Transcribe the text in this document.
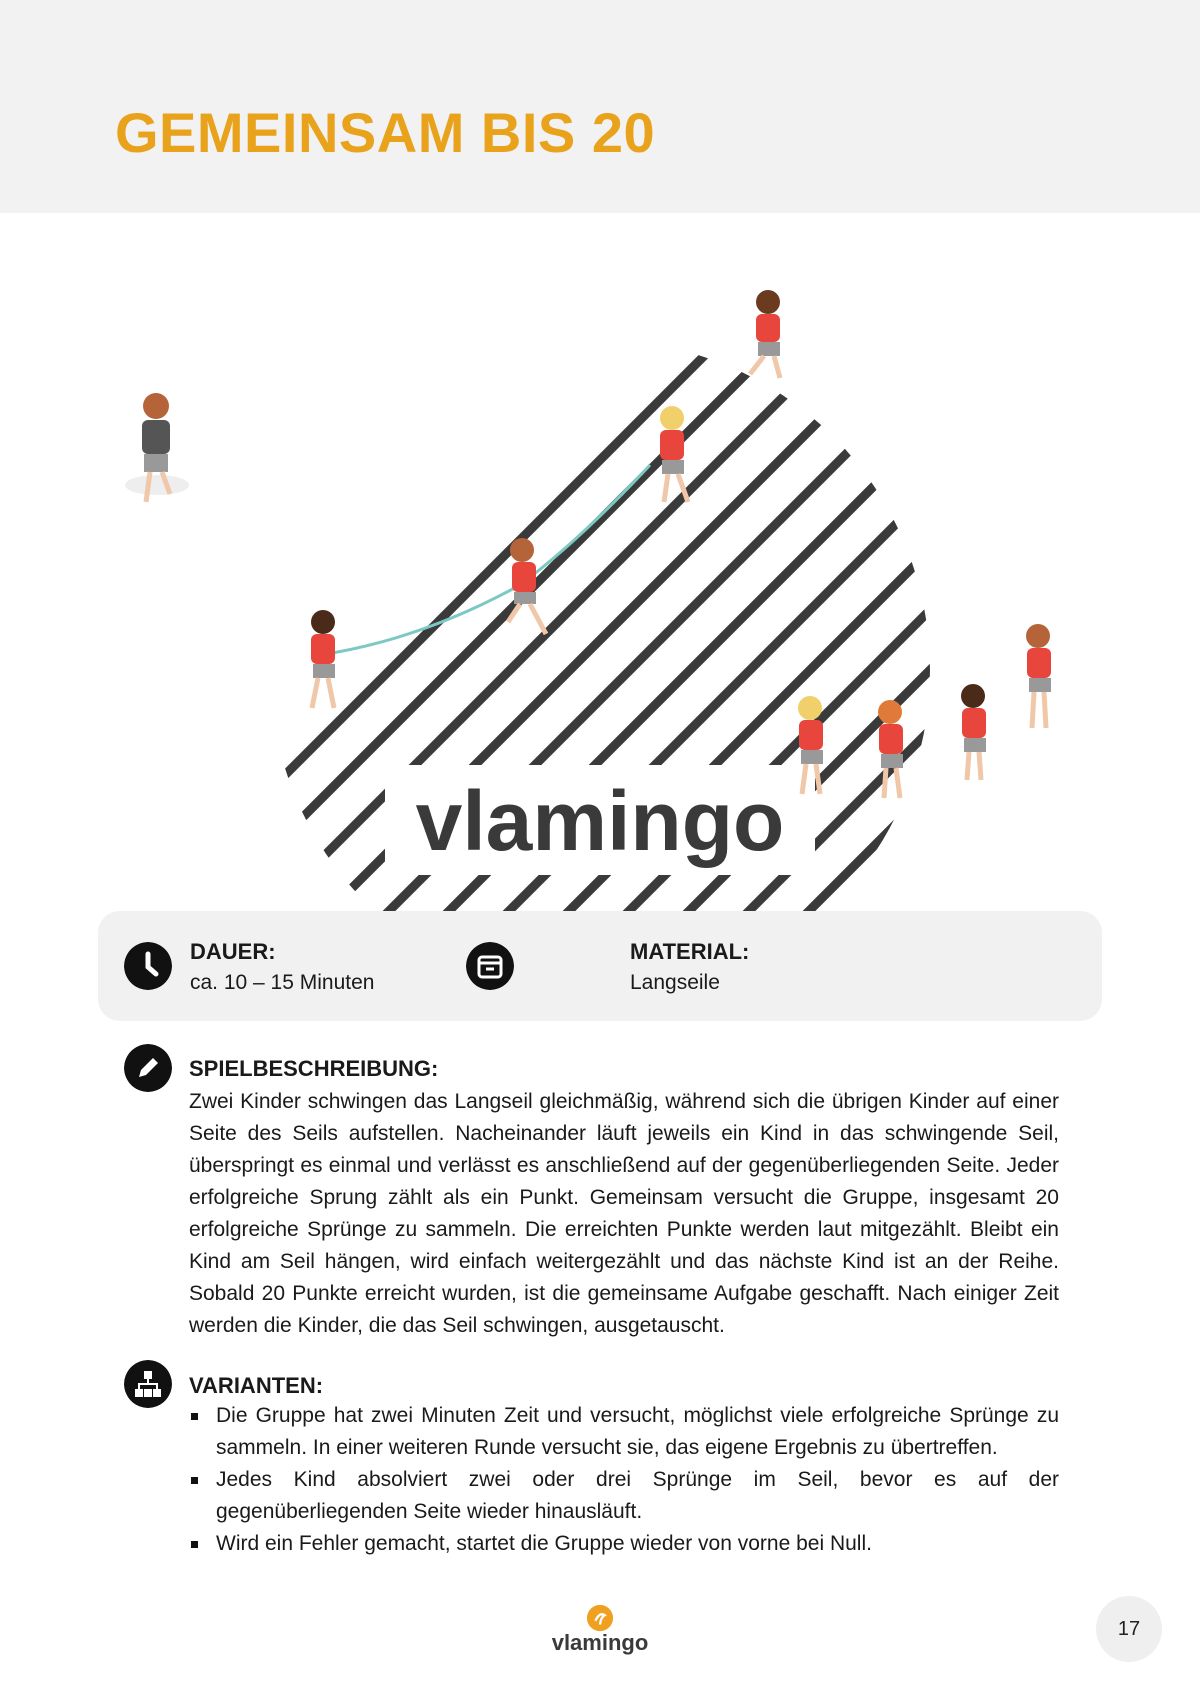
GEMEINSAM BIS 20
vlamingo
DAUER:
ca. 10 – 15 Minuten
MATERIAL:
Langseile
SPIELBESCHREIBUNG:

Zwei Kinder schwingen das Langseil gleichmäßig, während sich die übrigen Kinder auf einer Seite des Seils aufstellen. Nacheinander läuft jeweils ein Kind in das schwingende Seil, überspringt es einmal und verlässt es anschließend auf der gegenüberliegenden Seite. Jeder erfolgreiche Sprung zählt als ein Punkt. Gemeinsam versucht die Gruppe, insgesamt 20 erfolgreiche Sprünge zu sammeln. Die erreichten Punkte werden laut mitgezählt. Bleibt ein Kind am Seil hängen, wird einfach weitergezählt und das nächste Kind ist an der Reihe. Sobald 20 Punkte erreicht wurden, ist die gemeinsame Aufgabe geschafft. Nach einiger Zeit werden die Kinder, die das Seil schwingen, ausgetauscht.

VARIANTEN:
Die Gruppe hat zwei Minuten Zeit und versucht, möglichst viele erfolgreiche Sprünge zu sammeln. In einer weiteren Runde versucht sie, das eigene Ergebnis zu übertreffen.
Jedes Kind absolviert zwei oder drei Sprünge im Seil, bevor es auf der gegenüberliegenden Seite wieder hinausläuft.
Wird ein Fehler gemacht, startet die Gruppe wieder von vorne bei Null.
vlamingo
17
